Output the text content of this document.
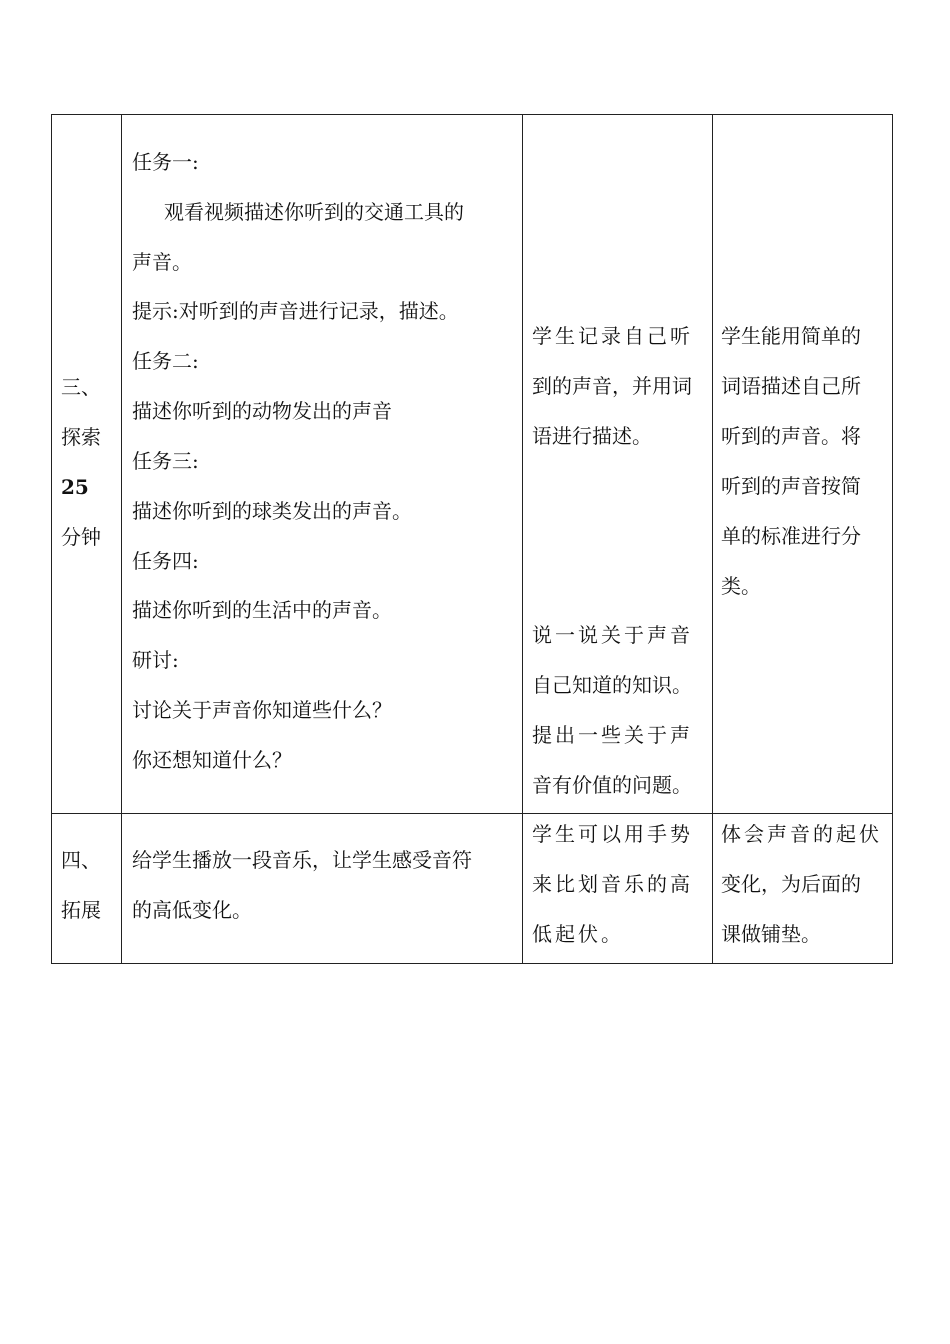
三、
探索
25
分钟
任务一:
观看视频描述你听到的交通工具的
声音。
提示:对听到的声音进行记录，描述。
任务二:
描述你听到的动物发出的声音
任务三:
描述你听到的球类发出的声音。
任务四:
描述你听到的生活中的声音。
研讨:
讨论关于声音你知道些什么？
你还想知道什么？
学生记录自己听
到的声音，并用词
语进行描述。
说一说关于声音
自己知道的知识。
提出一些关于声
音有价值的问题。
学生能用简单的
词语描述自己所
听到的声音。将
听到的声音按简
单的标准进行分
类。
四、
拓展
给学生播放一段音乐，让学生感受音符
的高低变化。
学生可以用手势
来比划音乐的高
低起伏。
体会声音的起伏
变化，为后面的
课做铺垫。
